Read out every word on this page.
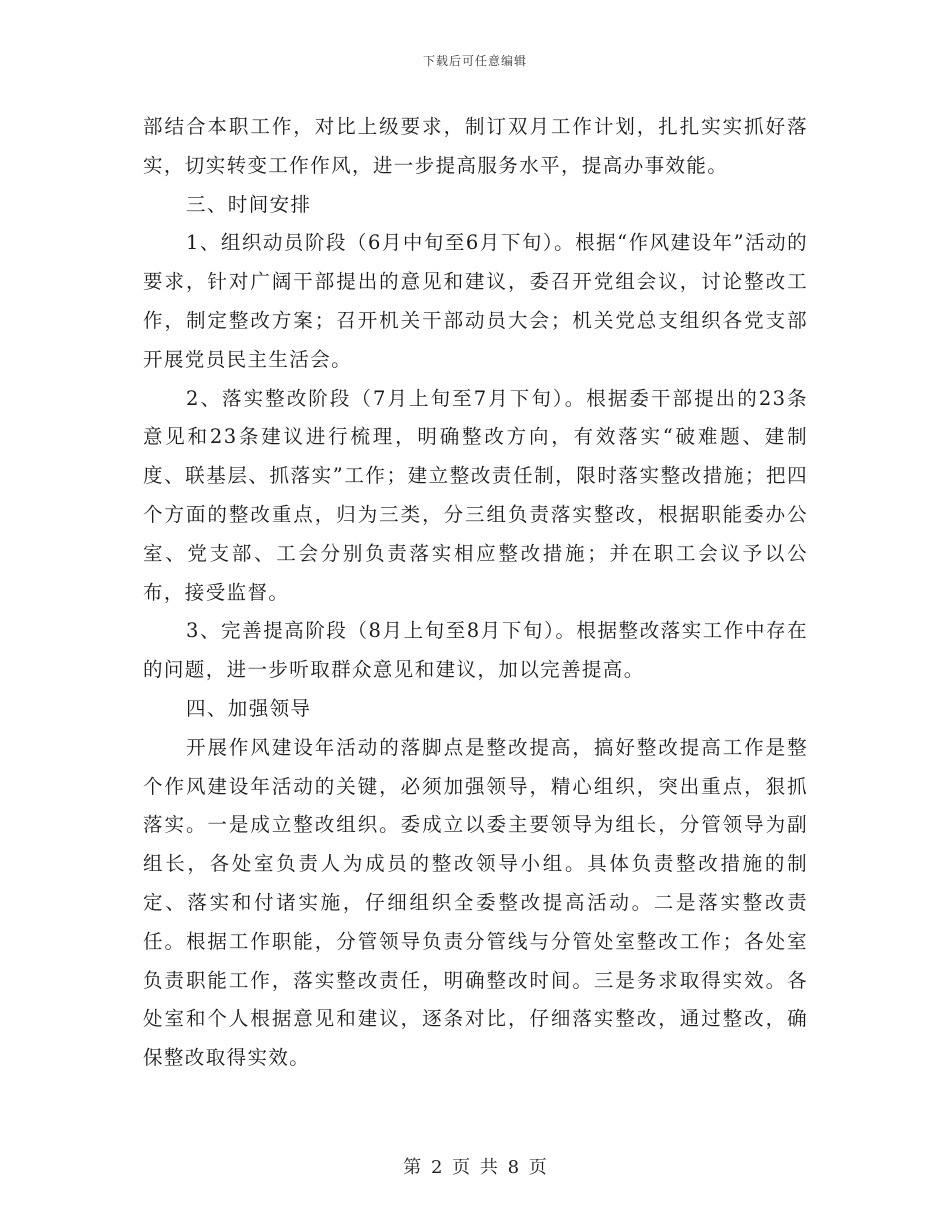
下载后可任意编辑

部结合本职工作，对比上级要求，制订双月工作计划，扎扎实实抓好落实，切实转变工作作风，进一步提高服务水平，提高办事效能。

三、时间安排

1、组织动员阶段（6月中旬至6月下旬）。根据“作风建设年”活动的要求，针对广阔干部提出的意见和建议，委召开党组会议，讨论整改工作，制定整改方案；召开机关干部动员大会；机关党总支组织各党支部开展党员民主生活会。

2、落实整改阶段（7月上旬至7月下旬）。根据委干部提出的23条意见和23条建议进行梳理，明确整改方向，有效落实“破难题、建制度、联基层、抓落实”工作；建立整改责任制，限时落实整改措施；把四个方面的整改重点，归为三类，分三组负责落实整改，根据职能委办公室、党支部、工会分别负责落实相应整改措施；并在职工会议予以公布，接受监督。

3、完善提高阶段（8月上旬至8月下旬）。根据整改落实工作中存在的问题，进一步听取群众意见和建议，加以完善提高。

四、加强领导

开展作风建设年活动的落脚点是整改提高，搞好整改提高工作是整个作风建设年活动的关键，必须加强领导，精心组织，突出重点，狠抓落实。一是成立整改组织。委成立以委主要领导为组长，分管领导为副组长，各处室负责人为成员的整改领导小组。具体负责整改措施的制定、落实和付诸实施，仔细组织全委整改提高活动。二是落实整改责任。根据工作职能，分管领导负责分管线与分管处室整改工作；各处室负责职能工作，落实整改责任，明确整改时间。三是务求取得实效。各处室和个人根据意见和建议，逐条对比，仔细落实整改，通过整改，确保整改取得实效。

第 2 页 共 8 页
